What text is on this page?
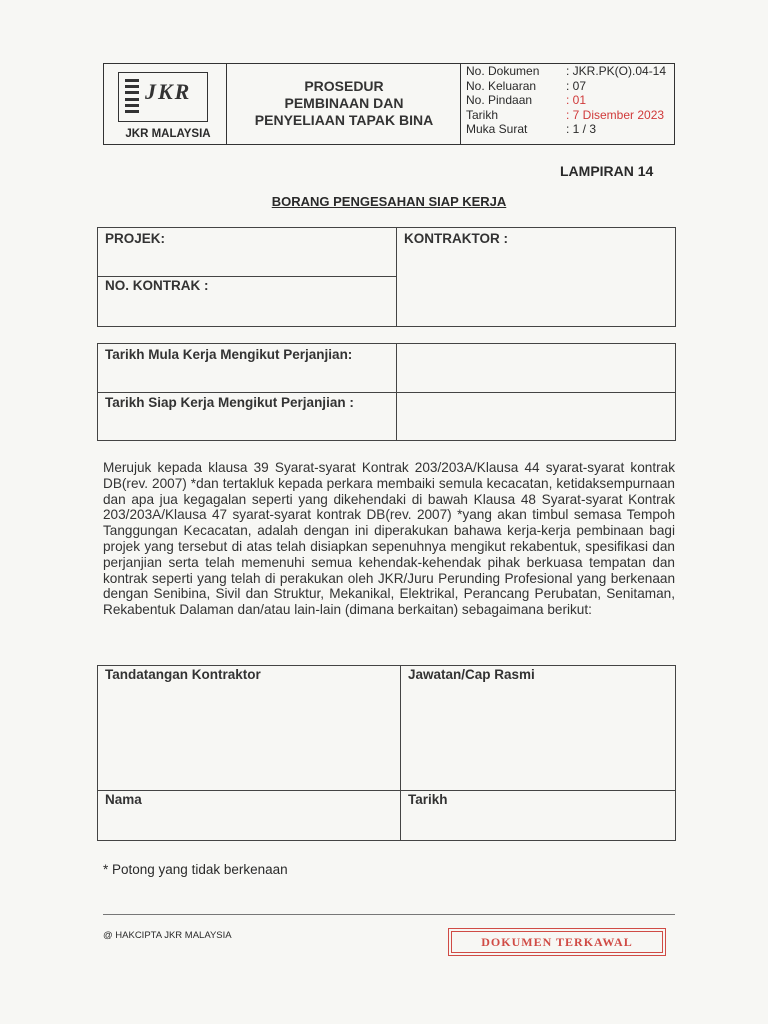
JKR
JKR MALAYSIA
PROSEDUR
PEMBINAAN DAN
PENYELIAAN TAPAK BINA
No. Dokumen	: JKR.PK(O).04-14
No. Keluaran	: 07
No. Pindaan	: 01
Tarikh	: 7 Disember 2023
Muka Surat	: 1 / 3
LAMPIRAN 14
BORANG PENGESAHAN SIAP KERJA
PROJEK:	KONTRAKTOR :
NO. KONTRAK :
Tarikh Mula Kerja Mengikut Perjanjian:
Tarikh Siap Kerja Mengikut Perjanjian :
Merujuk kepada klausa 39 Syarat-syarat Kontrak 203/203A/Klausa 44 syarat-syarat kontrak DB(rev. 2007) *dan tertakluk kepada perkara membaiki semula kecacatan, ketidaksempurnaan dan apa jua kegagalan seperti yang dikehendaki di bawah Klausa 48 Syarat-syarat Kontrak 203/203A/Klausa 47 syarat-syarat kontrak DB(rev. 2007) *yang akan timbul semasa Tempoh Tanggungan Kecacatan, adalah dengan ini diperakukan bahawa kerja-kerja pembinaan bagi projek yang tersebut di atas telah disiapkan sepenuhnya mengikut rekabentuk, spesifikasi dan perjanjian serta telah memenuhi semua kehendak-kehendak pihak berkuasa tempatan dan kontrak seperti yang telah di perakukan oleh JKR/Juru Perunding Profesional yang berkenaan dengan Senibina, Sivil dan Struktur, Mekanikal, Elektrikal, Perancang Perubatan, Senitaman, Rekabentuk Dalaman dan/atau lain-lain (dimana berkaitan) sebagaimana berikut:
Tandatangan Kontraktor	Jawatan/Cap Rasmi
Nama	Tarikh
* Potong yang tidak berkenaan
@ HAKCIPTA JKR MALAYSIA	DOKUMEN TERKAWAL
